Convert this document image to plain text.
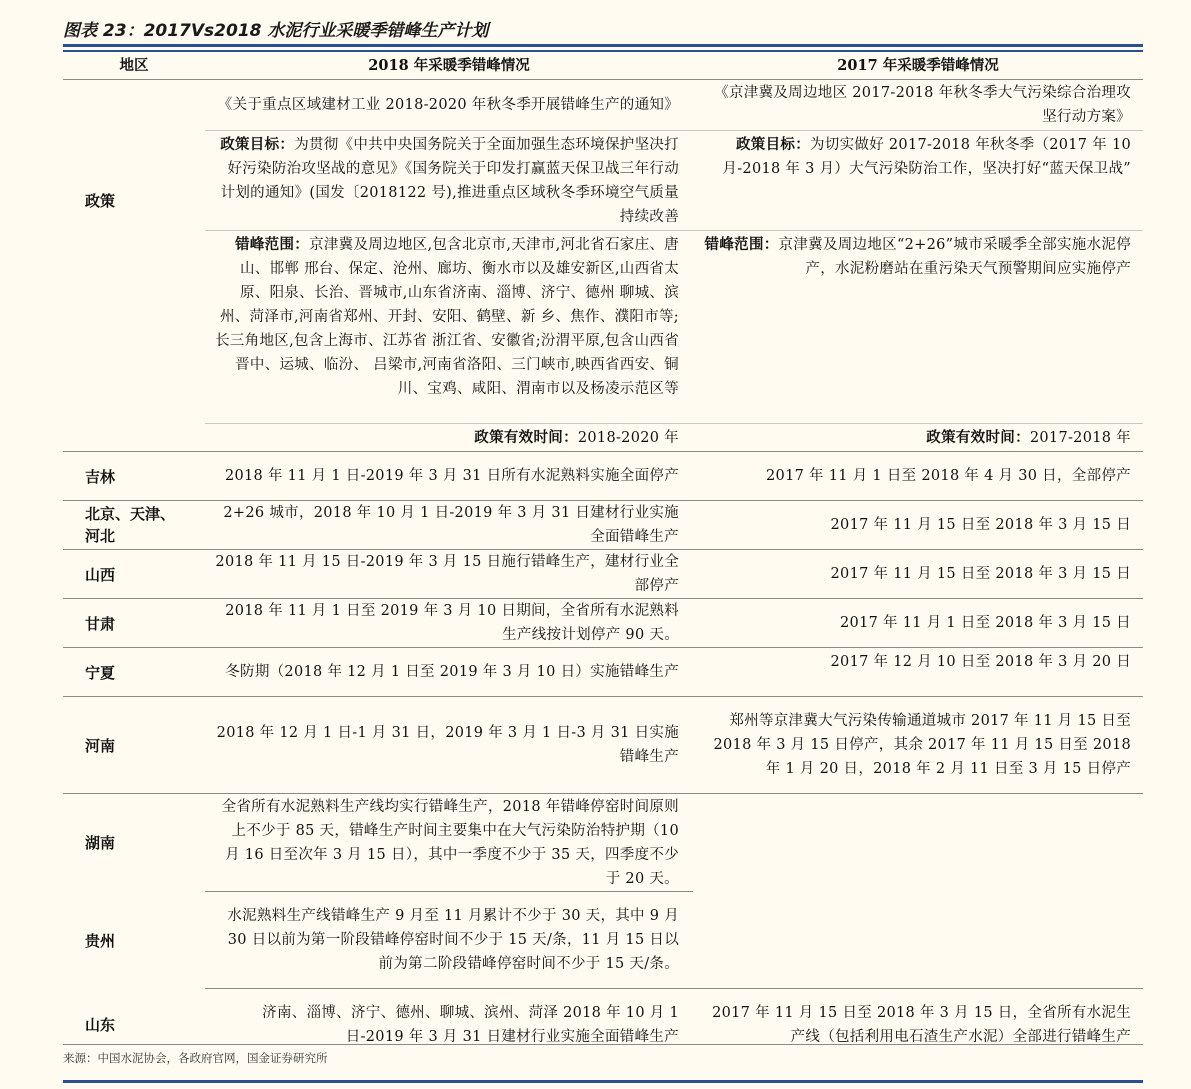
图表 23：2017Vs2018 水泥行业采暖季错峰生产计划
地区	2018 年采暖季错峰情况	2017 年采暖季错峰情况
政策	《关于重点区域建材工业 2018-2020 年秋冬季开展错峰生产的通知》	《京津冀及周边地区 2017-2018 年秋冬季大气污染综合治理攻坚行动方案》
	政策目标：为贯彻《中共中央国务院关于全面加强生态环境保护坚决打好污染防治攻坚战的意见》《国务院关于印发打赢蓝天保卫战三年行动计划的通知》(国发〔2018122 号),推进重点区域秋冬季环境空气质量持续改善	政策目标：为切实做好 2017-2018 年秋冬季（2017 年 10 月-2018 年 3 月）大气污染防治工作，坚决打好“蓝天保卫战”
	错峰范围：京津冀及周边地区,包含北京市,天津市,河北省石家庄、唐山、邯郸 邢台、保定、沧州、廊坊、衡水市以及雄安新区,山西省太原、阳泉、长治、晋城市,山东省济南、淄博、济宁、德州 聊城、滨州、菏泽市,河南省郑州、开封、安阳、鹤壁、新 乡、焦作、濮阳市等; 长三角地区,包含上海市、江苏省 浙江省、安徽省;汾渭平原,包含山西省晋中、运城、临汾、 吕梁市,河南省洛阳、三门峡市,映西省西安、铜川、宝鸡、咸阳、渭南市以及杨凌示范区等	错峰范围：京津冀及周边地区“2+26”城市采暖季全部实施水泥停产，水泥粉磨站在重污染天气预警期间应实施停产
	政策有效时间：2018-2020 年	政策有效时间：2017-2018 年
吉林	2018 年 11 月 1 日-2019 年 3 月 31 日所有水泥熟料实施全面停产	2017 年 11 月 1 日至 2018 年 4 月 30 日，全部停产
北京、天津、河北	2+26 城市，2018 年 10 月 1 日-2019 年 3 月 31 日建材行业实施全面错峰生产	2017 年 11 月 15 日至 2018 年 3 月 15 日
山西	2018 年 11 月 15 日-2019 年 3 月 15 日施行错峰生产，建材行业全部停产	2017 年 11 月 15 日至 2018 年 3 月 15 日
甘肃	2018 年 11 月 1 日至 2019 年 3 月 10 日期间，全省所有水泥熟料生产线按计划停产 90 天。	2017 年 11 月 1 日至 2018 年 3 月 15 日
宁夏	冬防期（2018 年 12 月 1 日至 2019 年 3 月 10 日）实施错峰生产	2017 年 12 月 10 日至 2018 年 3 月 20 日
河南	2018 年 12 月 1 日-1 月 31 日，2019 年 3 月 1 日-3 月 31 日实施错峰生产	郑州等京津冀大气污染传输通道城市 2017 年 11 月 15 日至 2018 年 3 月 15 日停产，其余 2017 年 11 月 15 日至 2018 年 1 月 20 日，2018 年 2 月 11 日至 3 月 15 日停产
湖南	全省所有水泥熟料生产线均实行错峰生产，2018 年错峰停窑时间原则上不少于 85 天，错峰生产时间主要集中在大气污染防治特护期（10 月 16 日至次年 3 月 15 日），其中一季度不少于 35 天，四季度不少于 20 天。	
贵州	水泥熟料生产线错峰生产 9 月至 11 月累计不少于 30 天，其中 9 月 30 日以前为第一阶段错峰停窑时间不少于 15 天/条，11 月 15 日以前为第二阶段错峰停窑时间不少于 15 天/条。	
山东	济南、淄博、济宁、德州、聊城、滨州、菏泽 2018 年 10 月 1 日-2019 年 3 月 31 日建材行业实施全面错峰生产	2017 年 11 月 15 日至 2018 年 3 月 15 日，全省所有水泥生产线（包括利用电石渣生产水泥）全部进行错峰生产
来源：中国水泥协会，各政府官网，国金证券研究所
